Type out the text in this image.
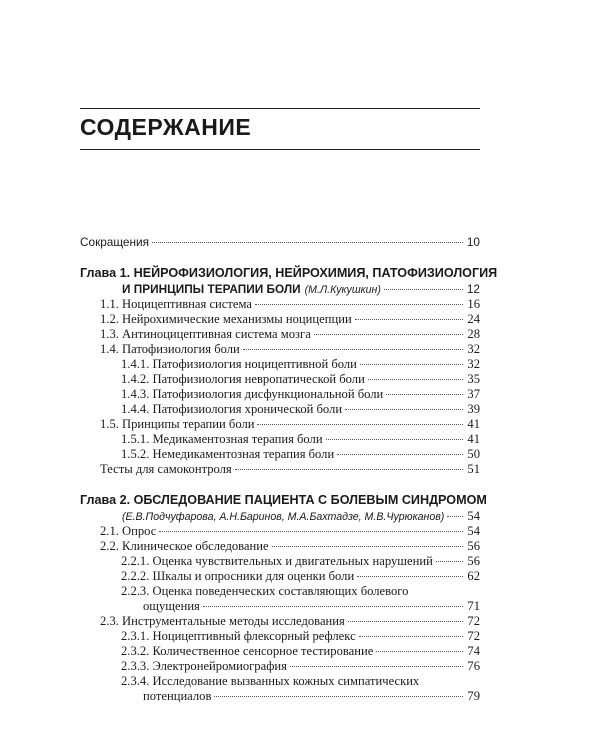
СОДЕРЖАНИЕ
Сокращения	10
Глава 1. НЕЙРОФИЗИОЛОГИЯ, НЕЙРОХИМИЯ, ПАТОФИЗИОЛОГИЯ
И ПРИНЦИПЫ ТЕРАПИИ БОЛИ (М.Л.Кукушкин)	12
1.1. Ноцицептивная система	16
1.2. Нейрохимические механизмы ноцицепции	24
1.3. Антиноцицептивная система мозга	28
1.4. Патофизиология боли	32
1.4.1. Патофизиология ноцицептивной боли	32
1.4.2. Патофизиология невропатической боли	35
1.4.3. Патофизиология дисфункциональной боли	37
1.4.4. Патофизиология хронической боли	39
1.5. Принципы терапии боли	41
1.5.1. Медикаментозная терапия боли	41
1.5.2. Немедикаментозная терапия боли	50
Тесты для самоконтроля	51
Глава 2. ОБСЛЕДОВАНИЕ ПАЦИЕНТА С БОЛЕВЫМ СИНДРОМОМ
(Е.В.Подчуфарова, А.Н.Баринов, М.А.Бахтадзе, М.В.Чурюканов) 54
2.1. Опрос	54
2.2. Клиническое обследование	56
2.2.1. Оценка чувствительных и двигательных нарушений	56
2.2.2. Шкалы и опросники для оценки боли	62
2.2.3. Оценка поведенческих составляющих болевого
ощущения	71
2.3. Инструментальные методы исследования	72
2.3.1. Ноцицептивный флексорный рефлекс	72
2.3.2. Количественное сенсорное тестирование	74
2.3.3. Электронейромиография	76
2.3.4. Исследование вызванных кожных симпатических
потенциалов	79
